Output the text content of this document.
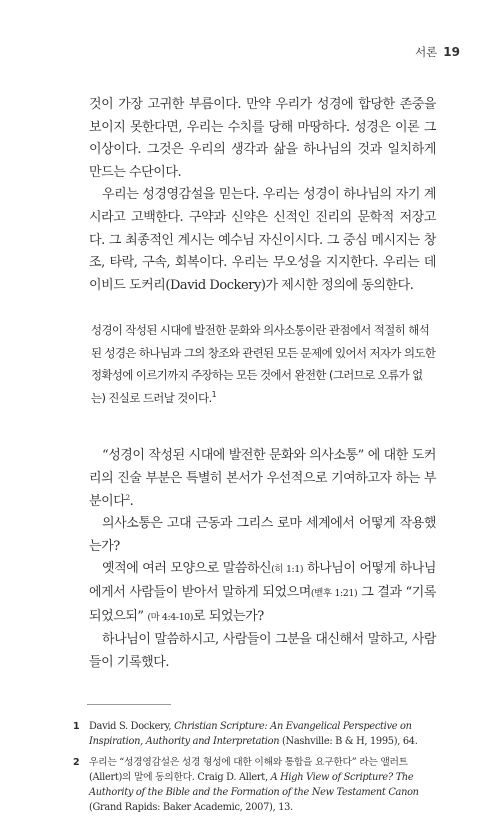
서론 19

것이 가장 고귀한 부름이다. 만약 우리가 성경에 합당한 존중을 보이지 못한다면, 우리는 수치를 당해 마땅하다. 성경은 이론 그 이상이다. 그것은 우리의 생각과 삶을 하나님의 것과 일치하게 만드는 수단이다.

우리는 성경영감설을 믿는다. 우리는 성경이 하나님의 자기 계시라고 고백한다. 구약과 신약은 신적인 진리의 문학적 저장고다. 그 최종적인 계시는 예수님 자신이시다. 그 중심 메시지는 창조, 타락, 구속, 회복이다. 우리는 무오성을 지지한다. 우리는 데이비드 도커리(David Dockery)가 제시한 정의에 동의한다.

성경이 작성된 시대에 발전한 문화와 의사소통이란 관점에서 적절히 해석된 성경은 하나님과 그의 창조와 관련된 모든 문제에 있어서 저자가 의도한 정확성에 이르기까지 주장하는 모든 것에서 완전한 (그러므로 오류가 없는) 진실로 드러날 것이다.$^1$

“성경이 작성된 시대에 발전한 문화와 의사소통” 에 대한 도커리의 진술 부분은 특별히 본서가 우선적으로 기여하고자 하는 부분이다$^2$.

의사소통은 고대 근동과 그리스 로마 세계에서 어떻게 작용했는가?

옛적에 여러 모양으로 말씀하신(히 1:1) 하나님이 어떻게 하나님에게서 사람들이 받아서 말하게 되었으며(벧후 1:21) 그 결과 “기록되었으되” (마 4:4-10)로 되었는가?

하나님이 말씀하시고, 사람들이 그분을 대신해서 말하고, 사람들이 기록했다.

1 David S. Dockery, Christian Scripture: An Evangelical Perspective on Inspiration, Authority and Interpretation (Nashville: B & H, 1995), 64.
2 우리는 “성경영감설은 성경 형성에 대한 이해와 통합을 요구한다” 라는 앨러트(Allert)의 말에 동의한다. Craig D. Allert, A High View of Scripture? The Authority of the Bible and the Formation of the New Testament Canon (Grand Rapids: Baker Academic, 2007), 13.
